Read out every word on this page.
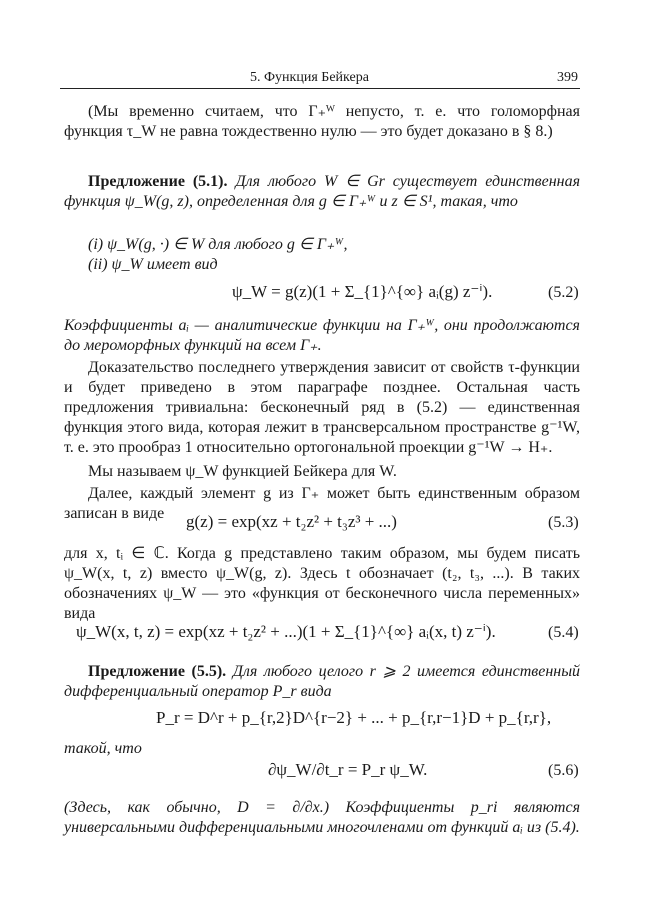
5. Функция Бейкера	399
(Мы временно считаем, что Γ₊ᵂ непусто, т. е. что голоморфная функция τ_W не равна тождественно нулю — это будет доказано в § 8.)
Предложение (5.1). Для любого W ∈ Gr существует единственная функция ψ_W(g, z), определенная для g ∈ Γ₊ᵂ и z ∈ S¹, такая, что
(i) ψ_W(g, ·) ∈ W для любого g ∈ Γ₊ᵂ,
(ii) ψ_W имеет вид
ψ_W = g(z)(1 + Σ_{1}^{∞} aᵢ(g) z⁻ⁱ).	(5.2)
Коэффициенты aᵢ — аналитические функции на Γ₊ᵂ, они продолжаются до мероморфных функций на всем Γ₊.
Доказательство последнего утверждения зависит от свойств τ-функции и будет приведено в этом параграфе позднее. Остальная часть предложения тривиальна: бесконечный ряд в (5.2) — единственная функция этого вида, которая лежит в трансверсальном пространстве g⁻¹W, т. е. это прообраз 1 относительно ортогональной проекции g⁻¹W → H₊.
Мы называем ψ_W функцией Бейкера для W.
Далее, каждый элемент g из Γ₊ может быть единственным образом записан в виде	g(z) = exp(xz + t₂z² + t₃z³ + ...)	(5.3)
для x, tᵢ ∈ ℂ. Когда g представлено таким образом, мы будем писать ψ_W(x, t, z) вместо ψ_W(g, z). Здесь t обозначает (t₂, t₃, ...). В таких обозначениях ψ_W — это «функция от бесконечного числа переменных» вида
ψ_W(x, t, z) = exp(xz + t₂z² + ...)(1 + Σ_{1}^{∞} aᵢ(x, t) z⁻ⁱ).	(5.4)
Предложение (5.5). Для любого целого r ⩾ 2 имеется единственный дифференциальный оператор P_r вида
P_r = D^r + p_{r,2}D^{r−2} + ... + p_{r,r−1}D + p_{r,r},
такой, что
∂ψ_W/∂t_r = P_r ψ_W.	(5.6)
(Здесь, как обычно, D = ∂/∂x.) Коэффициенты p_ri являются универсальными дифференциальными многочленами от функций aᵢ из (5.4).
